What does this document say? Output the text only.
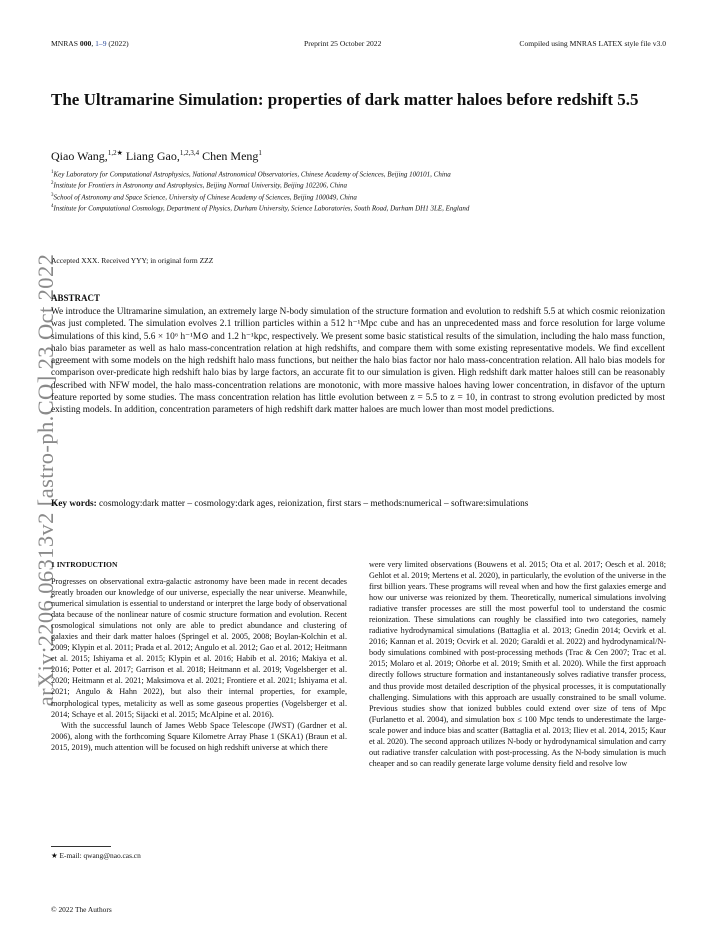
MNRAS 000, 1–9 (2022)	Preprint 25 October 2022	Compiled using MNRAS LATEX style file v3.0
arXiv:2206.06313v2 [astro-ph.CO] 23 Oct 2022
The Ultramarine Simulation: properties of dark matter haloes before redshift 5.5
Qiao Wang,$^{1,2★}$ Liang Gao,$^{1,2,3,4}$ Chen Meng$^1$
$^1$Key Laboratory for Computational Astrophysics, National Astronomical Observatories, Chinese Academy of Sciences, Beijing 100101, China
$^2$Institute for Frontiers in Astronomy and Astrophysics, Beijing Normal University, Beijing 102206, China
$^3$School of Astronomy and Space Science, University of Chinese Academy of Sciences, Beijing 100049, China
$^4$Institute for Computational Cosmology, Department of Physics, Durham University, Science Laboratories, South Road, Durham DH1 3LE, England
Accepted XXX. Received YYY; in original form ZZZ
ABSTRACT

We introduce the Ultramarine simulation, an extremely large N-body simulation of the structure formation and evolution to redshift 5.5 at which cosmic reionization was just completed. The simulation evolves 2.1 trillion particles within a 512 h⁻¹Mpc cube and has an unprecedented mass and force resolution for large volume simulations of this kind, 5.6 × 10⁶ h⁻¹M⊙ and 1.2 h⁻¹kpc, respectively. We present some basic statistical results of the simulation, including the halo mass function, halo bias parameter as well as halo mass-concentration relation at high redshifts, and compare them with some existing representative models. We find excellent agreement with some models on the high redshift halo mass functions, but neither the halo bias factor nor halo mass-concentration relation. All halo bias models for comparison over-predicate high redshift halo bias by large factors, an accurate fit to our simulation is given. High redshift dark matter haloes still can be reasonably described with NFW model, the halo mass-concentration relations are monotonic, with more massive haloes having lower concentration, in disfavor of the upturn feature reported by some studies. The mass concentration relation has little evolution between z = 5.5 to z = 10, in contrast to strong evolution predicted by most existing models. In addition, concentration parameters of high redshift dark matter haloes are much lower than most model predictions.

Key words: cosmology:dark matter – cosmology:dark ages, reionization, first stars – methods:numerical – software:simulations
1 INTRODUCTION

Progresses on observational extra-galactic astronomy have been made in recent decades greatly broaden our knowledge of our universe, especially the near universe. Meanwhile, numerical simulation is essential to understand or interpret the large body of observational data because of the nonlinear nature of cosmic structure formation and evolution. Recent cosmological simulations not only are able to predict abundance and clustering of galaxies and their dark matter haloes (Springel et al. 2005, 2008; Boylan-Kolchin et al. 2009; Klypin et al. 2011; Prada et al. 2012; Angulo et al. 2012; Gao et al. 2012; Heitmann et al. 2015; Ishiyama et al. 2015; Klypin et al. 2016; Habib et al. 2016; Makiya et al. 2016; Potter et al. 2017; Garrison et al. 2018; Heitmann et al. 2019; Vogelsberger et al. 2020; Heitmann et al. 2021; Maksimova et al. 2021; Frontiere et al. 2021; Ishiyama et al. 2021; Angulo & Hahn 2022), but also their internal properties, for example, morphological types, metalicity as well as some gaseous properties (Vogelsberger et al. 2014; Schaye et al. 2015; Sijacki et al. 2015; McAlpine et al. 2016).

With the successful launch of James Webb Space Telescope (JWST) (Gardner et al. 2006), along with the forthcoming Square Kilometre Array Phase 1 (SKA1) (Braun et al. 2015, 2019), much attention will be focused on high redshift universe at which there

were very limited observations (Bouwens et al. 2015; Ota et al. 2017; Oesch et al. 2018; Gehlot et al. 2019; Mertens et al. 2020), in particularly, the evolution of the universe in the first billion years. These programs will reveal when and how the first galaxies emerge and how our universe was reionized by them. Theoretically, numerical simulations involving radiative transfer processes are still the most powerful tool to understand the cosmic reionization. These simulations can roughly be classified into two categories, namely radiative hydrodynamical simulations (Battaglia et al. 2013; Gnedin 2014; Ocvirk et al. 2016; Kannan et al. 2019; Ocvirk et al. 2020; Garaldi et al. 2022) and hydrodynamical/N-body simulations combined with post-processing methods (Trac & Cen 2007; Trac et al. 2015; Molaro et al. 2019; Oñorbe et al. 2019; Smith et al. 2020). While the first approach directly follows structure formation and instantaneously solves radiative transfer process, and thus provide most detailed description of the physical processes, it is computationally challenging. Simulations with this approach are usually constrained to be small volume. Previous studies show that ionized bubbles could extend over size of tens of Mpc (Furlanetto et al. 2004), and simulation box ≤ 100 Mpc tends to underestimate the large-scale power and induce bias and scatter (Battaglia et al. 2013; Iliev et al. 2014, 2015; Kaur et al. 2020). The second approach utilizes N-body or hydrodynamical simulation and carry out radiative transfer calculation with post-processing. As the N-body simulation is much cheaper and so can readily generate large volume density field and resolve low

★ E-mail: qwang@nao.cas.cn
© 2022 The Authors
